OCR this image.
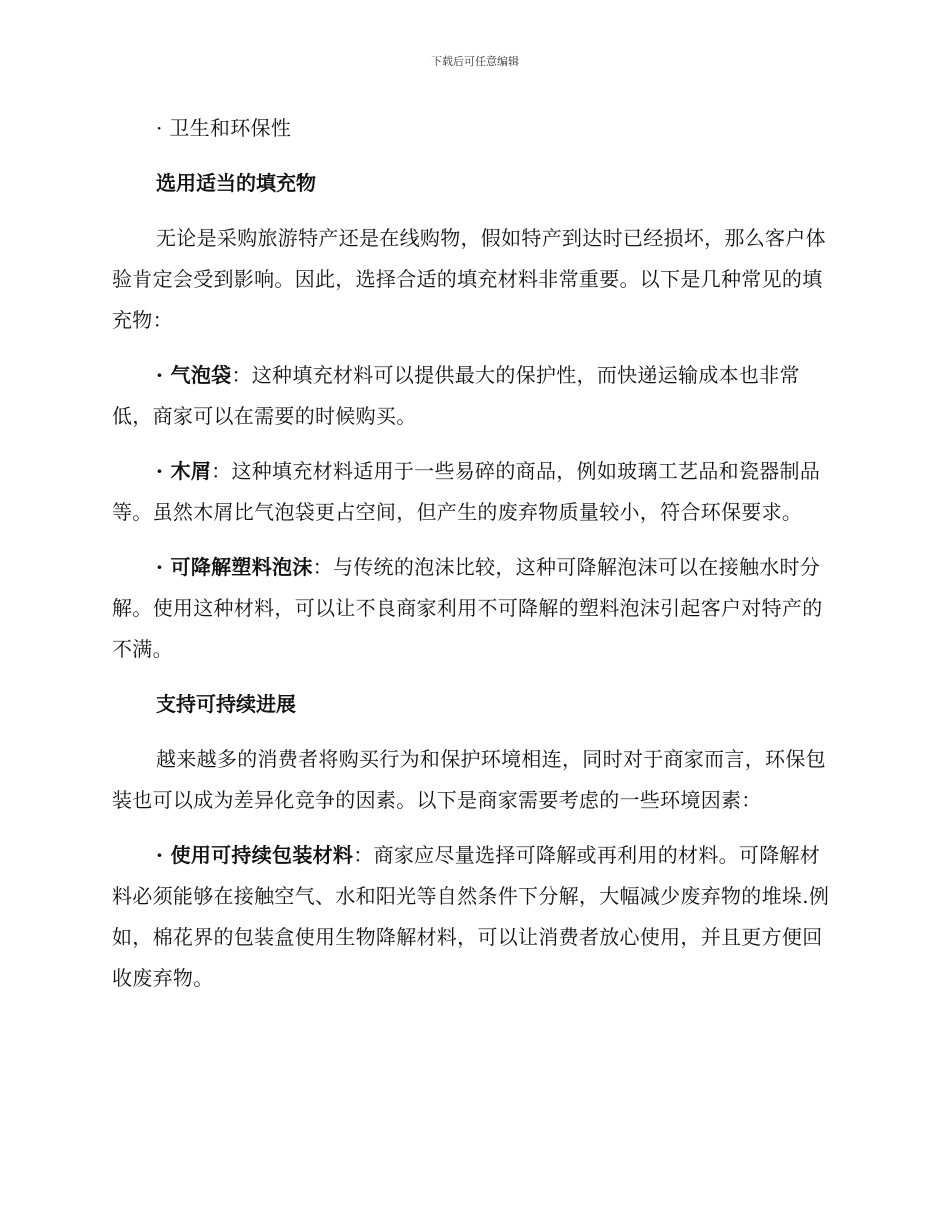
下载后可任意编辑

· 卫生和环保性

选用适当的填充物

无论是采购旅游特产还是在线购物，假如特产到达时已经损坏，那么客户体验肯定会受到影响。因此，选择合适的填充材料非常重要。以下是几种常见的填充物：

· 气泡袋：这种填充材料可以提供最大的保护性，而快递运输成本也非常低，商家可以在需要的时候购买。

· 木屑：这种填充材料适用于一些易碎的商品，例如玻璃工艺品和瓷器制品等。虽然木屑比气泡袋更占空间，但产生的废弃物质量较小，符合环保要求。

· 可降解塑料泡沫：与传统的泡沫比较，这种可降解泡沫可以在接触水时分解。使用这种材料，可以让不良商家利用不可降解的塑料泡沫引起客户对特产的不满。

支持可持续进展

越来越多的消费者将购买行为和保护环境相连，同时对于商家而言，环保包装也可以成为差异化竞争的因素。以下是商家需要考虑的一些环境因素：

· 使用可持续包装材料：商家应尽量选择可降解或再利用的材料。可降解材料必须能够在接触空气、水和阳光等自然条件下分解，大幅减少废弃物的堆垛.例如，棉花界的包装盒使用生物降解材料，可以让消费者放心使用，并且更方便回收废弃物。
